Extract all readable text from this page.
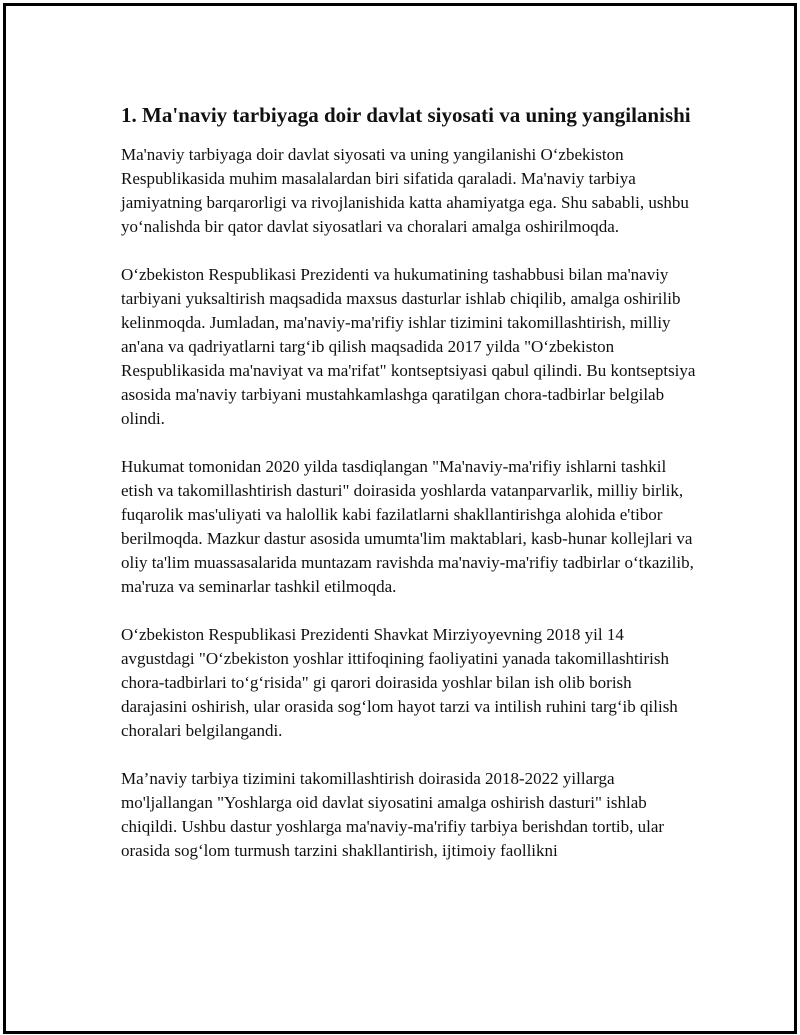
1. Ma'naviy tarbiyaga doir davlat siyosati va uning yangilanishi

Ma'naviy tarbiyaga doir davlat siyosati va uning yangilanishi O‘zbekiston Respublikasida muhim masalalardan biri sifatida qaraladi. Ma'naviy tarbiya jamiyatning barqarorligi va rivojlanishida katta ahamiyatga ega. Shu sababli, ushbu yo‘nalishda bir qator davlat siyosatlari va choralari amalga oshirilmoqda.

O‘zbekiston Respublikasi Prezidenti va hukumatining tashabbusi bilan ma'naviy tarbiyani yuksaltirish maqsadida maxsus dasturlar ishlab chiqilib, amalga oshirilib kelinmoqda. Jumladan, ma'naviy-ma'rifiy ishlar tizimini takomillashtirish, milliy an'ana va qadriyatlarni targ‘ib qilish maqsadida 2017 yilda "O‘zbekiston Respublikasida ma'naviyat va ma'rifat" kontseptsiyasi qabul qilindi. Bu kontseptsiya asosida ma'naviy tarbiyani mustahkamlashga qaratilgan chora-tadbirlar belgilab olindi.

Hukumat tomonidan 2020 yilda tasdiqlangan "Ma'naviy-ma'rifiy ishlarni tashkil etish va takomillashtirish dasturi" doirasida yoshlarda vatanparvarlik, milliy birlik, fuqarolik mas'uliyati va halollik kabi fazilatlarni shakllantirishga alohida e'tibor berilmoqda. Mazkur dastur asosida umumta'lim maktablari, kasb-hunar kollejlari va oliy ta'lim muassasalarida muntazam ravishda ma'naviy-ma'rifiy tadbirlar o‘tkazilib, ma'ruza va seminarlar tashkil etilmoqda.

O‘zbekiston Respublikasi Prezidenti Shavkat Mirziyoyevning 2018 yil 14 avgustdagi "O‘zbekiston yoshlar ittifoqining faoliyatini yanada takomillashtirish chora-tadbirlari to‘g‘risida" gi qarori doirasida yoshlar bilan ish olib borish darajasini oshirish, ular orasida sog‘lom hayot tarzi va intilish ruhini targ‘ib qilish choralari belgilangandi.

Ma’naviy tarbiya tizimini takomillashtirish doirasida 2018-2022 yillarga mo'ljallangan "Yoshlarga oid davlat siyosatini amalga oshirish dasturi" ishlab chiqildi. Ushbu dastur yoshlarga ma'naviy-ma'rifiy tarbiya berishdan tortib, ular orasida sog‘lom turmush tarzini shakllantirish, ijtimoiy faollikni
